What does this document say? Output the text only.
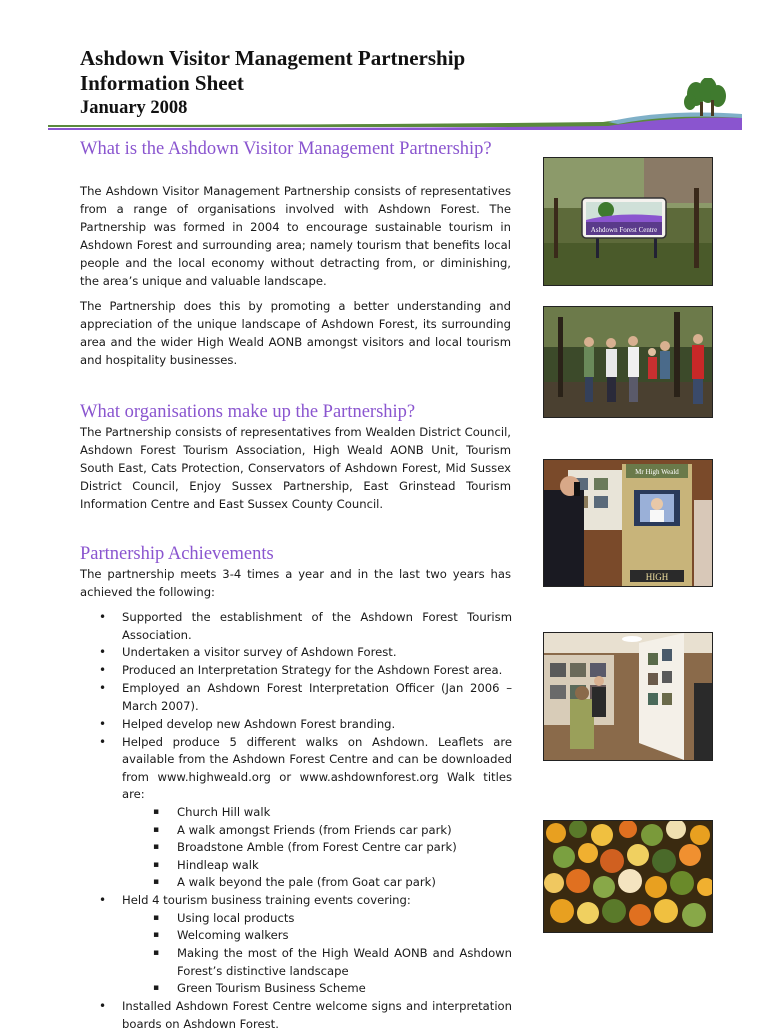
Ashdown Visitor Management Partnership
Information Sheet
January 2008
What is the Ashdown Visitor Management Partnership?
The Ashdown Visitor Management Partnership consists of representatives from a range of organisations involved with Ashdown Forest. The Partnership was formed in 2004 to encourage sustainable tourism in Ashdown Forest and surrounding area; namely tourism that benefits local people and the local economy without detracting from, or diminishing, the area’s unique and valuable landscape.
The Partnership does this by promoting a better understanding and appreciation of the unique landscape of Ashdown Forest, its surrounding area and the wider High Weald AONB amongst visitors and local tourism and hospitality businesses.
What organisations make up the Partnership?
The Partnership consists of representatives from Wealden District Council, Ashdown Forest Tourism Association, High Weald AONB Unit, Tourism South East, Cats Protection, Conservators of Ashdown Forest, Mid Sussex District Council, Enjoy Sussex Partnership, East Grinstead Tourism Information Centre and East Sussex County Council.
Partnership Achievements
The partnership meets 3-4 times a year and in the last two years has achieved the following:
• Supported the establishment of the Ashdown Forest Tourism Association.
• Undertaken a visitor survey of Ashdown Forest.
• Produced an Interpretation Strategy for the Ashdown Forest area.
• Employed an Ashdown Forest Interpretation Officer (Jan 2006 – March 2007).
• Helped develop new Ashdown Forest branding.
• Helped produce 5 different walks on Ashdown. Leaflets are available from the Ashdown Forest Centre and can be downloaded from www.highweald.org or www.ashdownforest.org Walk titles are:
▪ Church Hill walk
▪ A walk amongst Friends (from Friends car park)
▪ Broadstone Amble (from Forest Centre car park)
▪ Hindleap walk
▪ A walk beyond the pale (from Goat car park)
• Held 4 tourism business training events covering:
▪ Using local products
▪ Welcoming walkers
▪ Making the most of the High Weald AONB and Ashdown Forest’s distinctive landscape
▪ Green Tourism Business Scheme
• Installed Ashdown Forest Centre welcome signs and interpretation boards on Ashdown Forest.
Ashdown Forest Centre
Mr High Weald
HIGH
